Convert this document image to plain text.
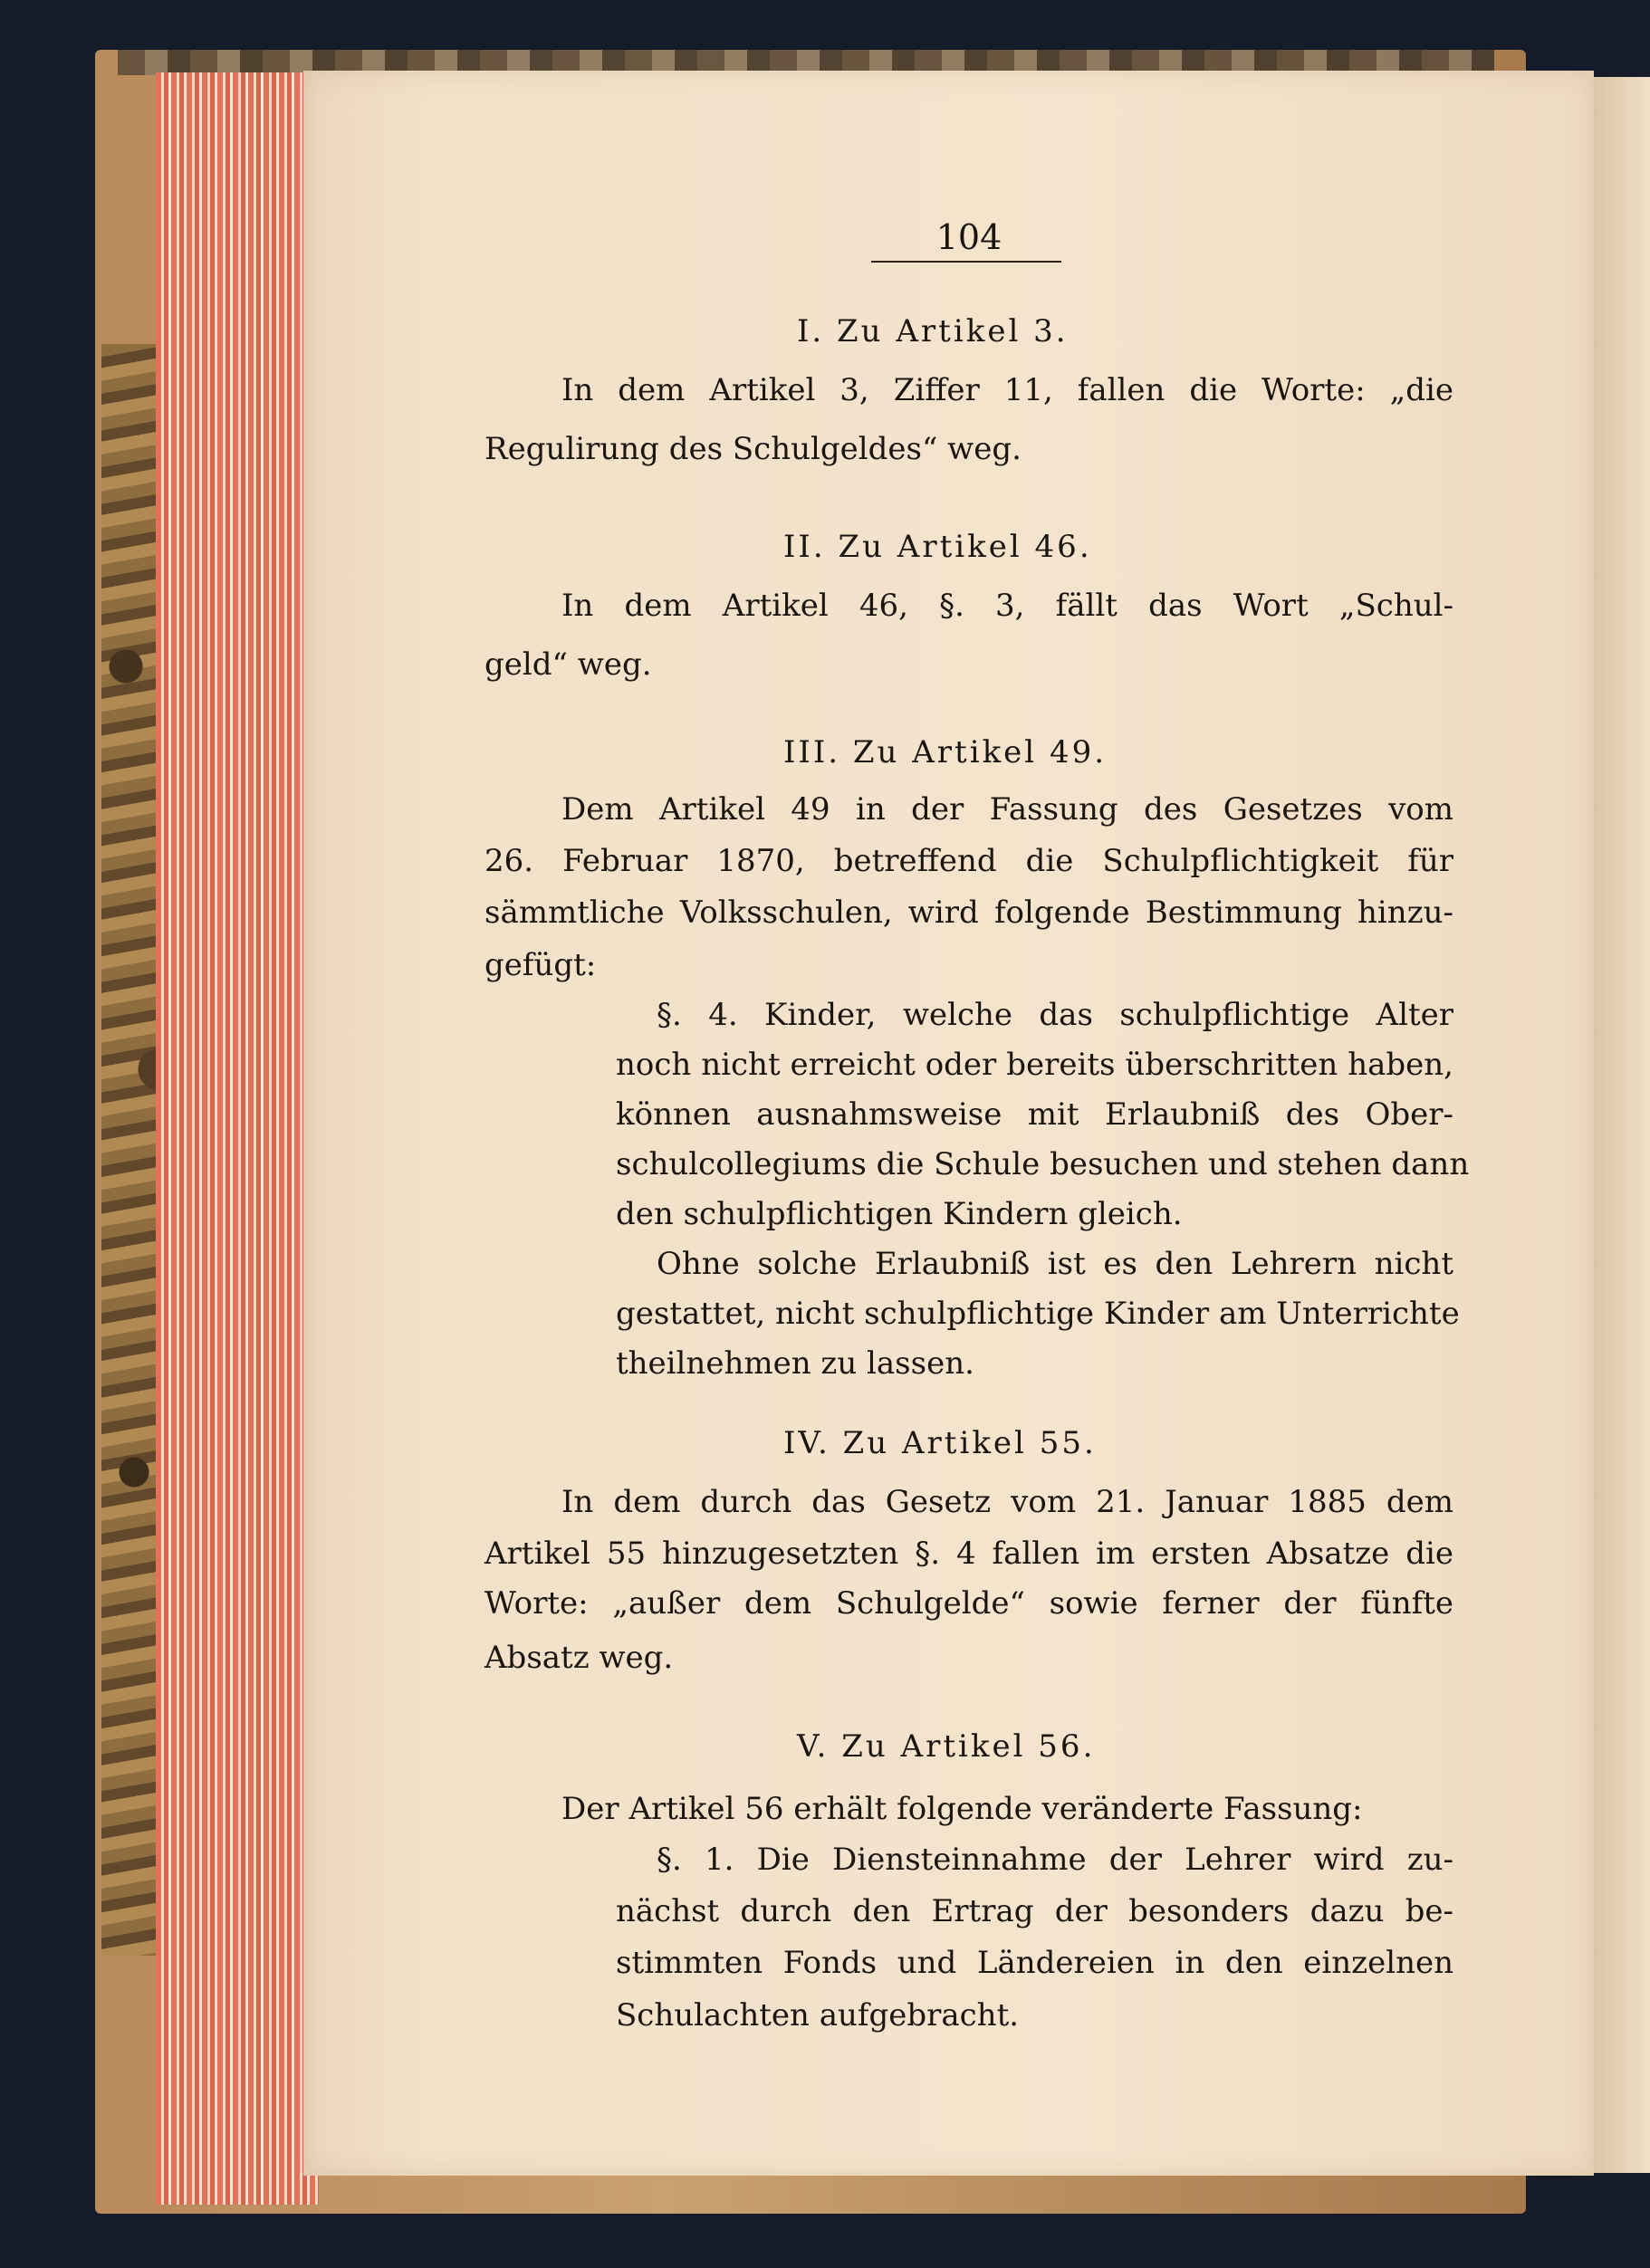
104
I. Zu Artikel 3.
In dem Artikel 3, Ziffer 11, fallen die Worte: „die
Regulirung des Schulgeldes“ weg.
II. Zu Artikel 46.
In dem Artikel 46, §. 3, fällt das Wort „Schul-
geld“ weg.
III. Zu Artikel 49.
Dem Artikel 49 in der Fassung des Gesetzes vom
26. Februar 1870, betreffend die Schulpflichtigkeit für
sämmtliche Volksschulen, wird folgende Bestimmung hinzu-
gefügt:
§. 4. Kinder, welche das schulpflichtige Alter
noch nicht erreicht oder bereits überschritten haben,
können ausnahmsweise mit Erlaubniß des Ober-
schulcollegiums die Schule besuchen und stehen dann
den schulpflichtigen Kindern gleich.
Ohne solche Erlaubniß ist es den Lehrern nicht
gestattet, nicht schulpflichtige Kinder am Unterrichte
theilnehmen zu lassen.
IV. Zu Artikel 55.
In dem durch das Gesetz vom 21. Januar 1885 dem
Artikel 55 hinzugesetzten §. 4 fallen im ersten Absatze die
Worte: „außer dem Schulgelde“ sowie ferner der fünfte
Absatz weg.
V. Zu Artikel 56.
Der Artikel 56 erhält folgende veränderte Fassung:
§. 1. Die Diensteinnahme der Lehrer wird zu-
nächst durch den Ertrag der besonders dazu be-
stimmten Fonds und Ländereien in den einzelnen
Schulachten aufgebracht.
